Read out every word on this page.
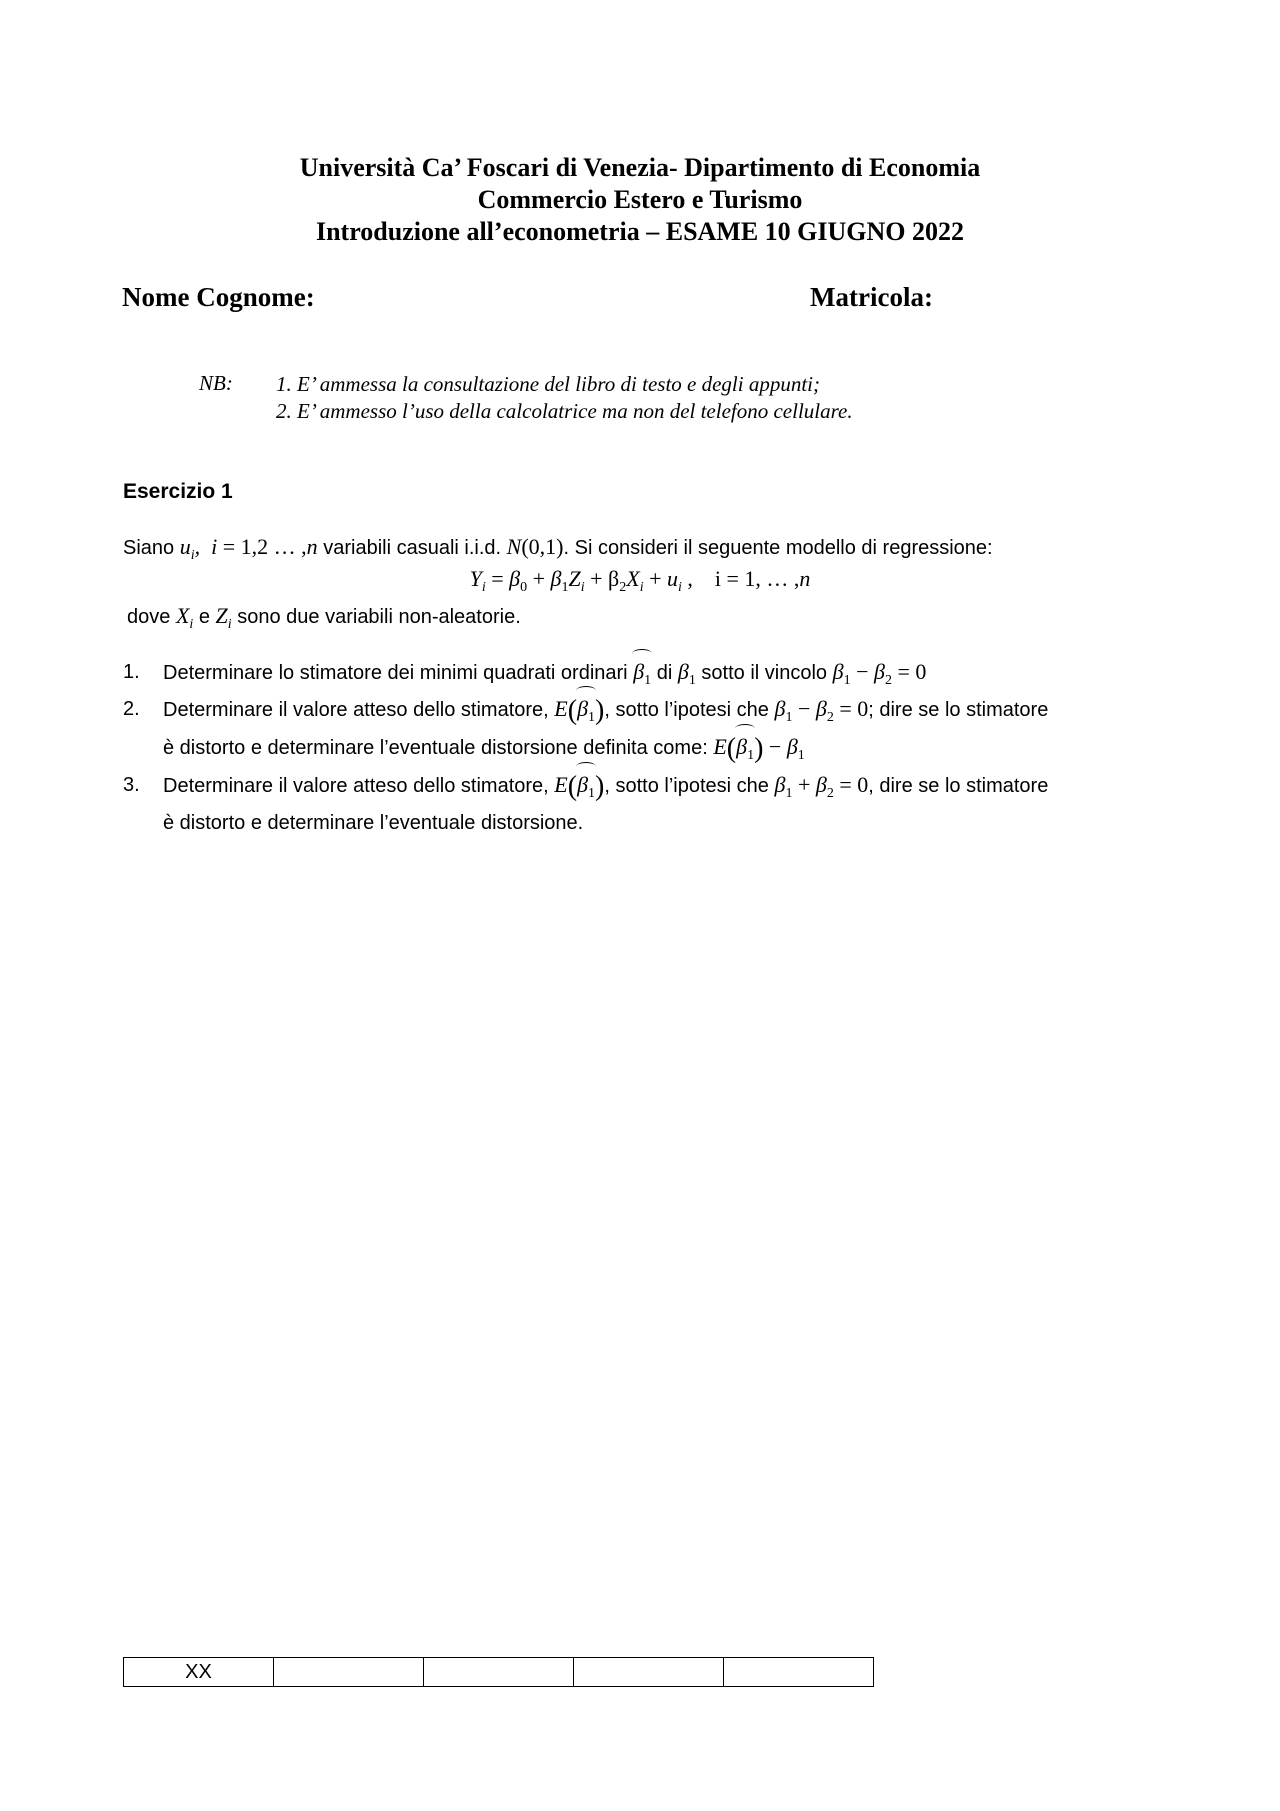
Università Ca’ Foscari di Venezia- Dipartimento di Economia
Commercio Estero e Turismo
Introduzione all’econometria – ESAME 10 GIUGNO 2022
Nome Cognome:	Matricola:
NB: 1. E’ ammessa la consultazione del libro di testo e degli appunti;
2. E’ ammesso l’uso della calcolatrice ma non del telefono cellulare.
Esercizio 1
Siano $u_i$,  i = 1,2 … ,n variabili casuali i.i.d. N(0,1). Si consideri il seguente modello di regressione:
$Y_i = \beta_0 + \beta_1Z_i + \beta_2X_i + u_i$ ,    i = 1, … ,n
dove $X_i$ e $Z_i$ sono due variabili non-aleatorie.
1. Determinare lo stimatore dei minimi quadrati ordinari $\beta_1$ di $\beta_1$ sotto il vincolo $\beta_1 - \beta_2 = 0$
2. Determinare il valore atteso dello stimatore, $E(\beta_1)$, sotto l’ipotesi che $\beta_1 - \beta_2 = 0$; dire se lo stimatore
è distorto e determinare l’eventuale distorsione definita come: $E(\beta_1) - \beta_1$
3. Determinare il valore atteso dello stimatore, $E(\beta_1)$, sotto l’ipotesi che $\beta_1 + \beta_2 = 0$, dire se lo stimatore
è distorto e determinare l’eventuale distorsione.
XX				
